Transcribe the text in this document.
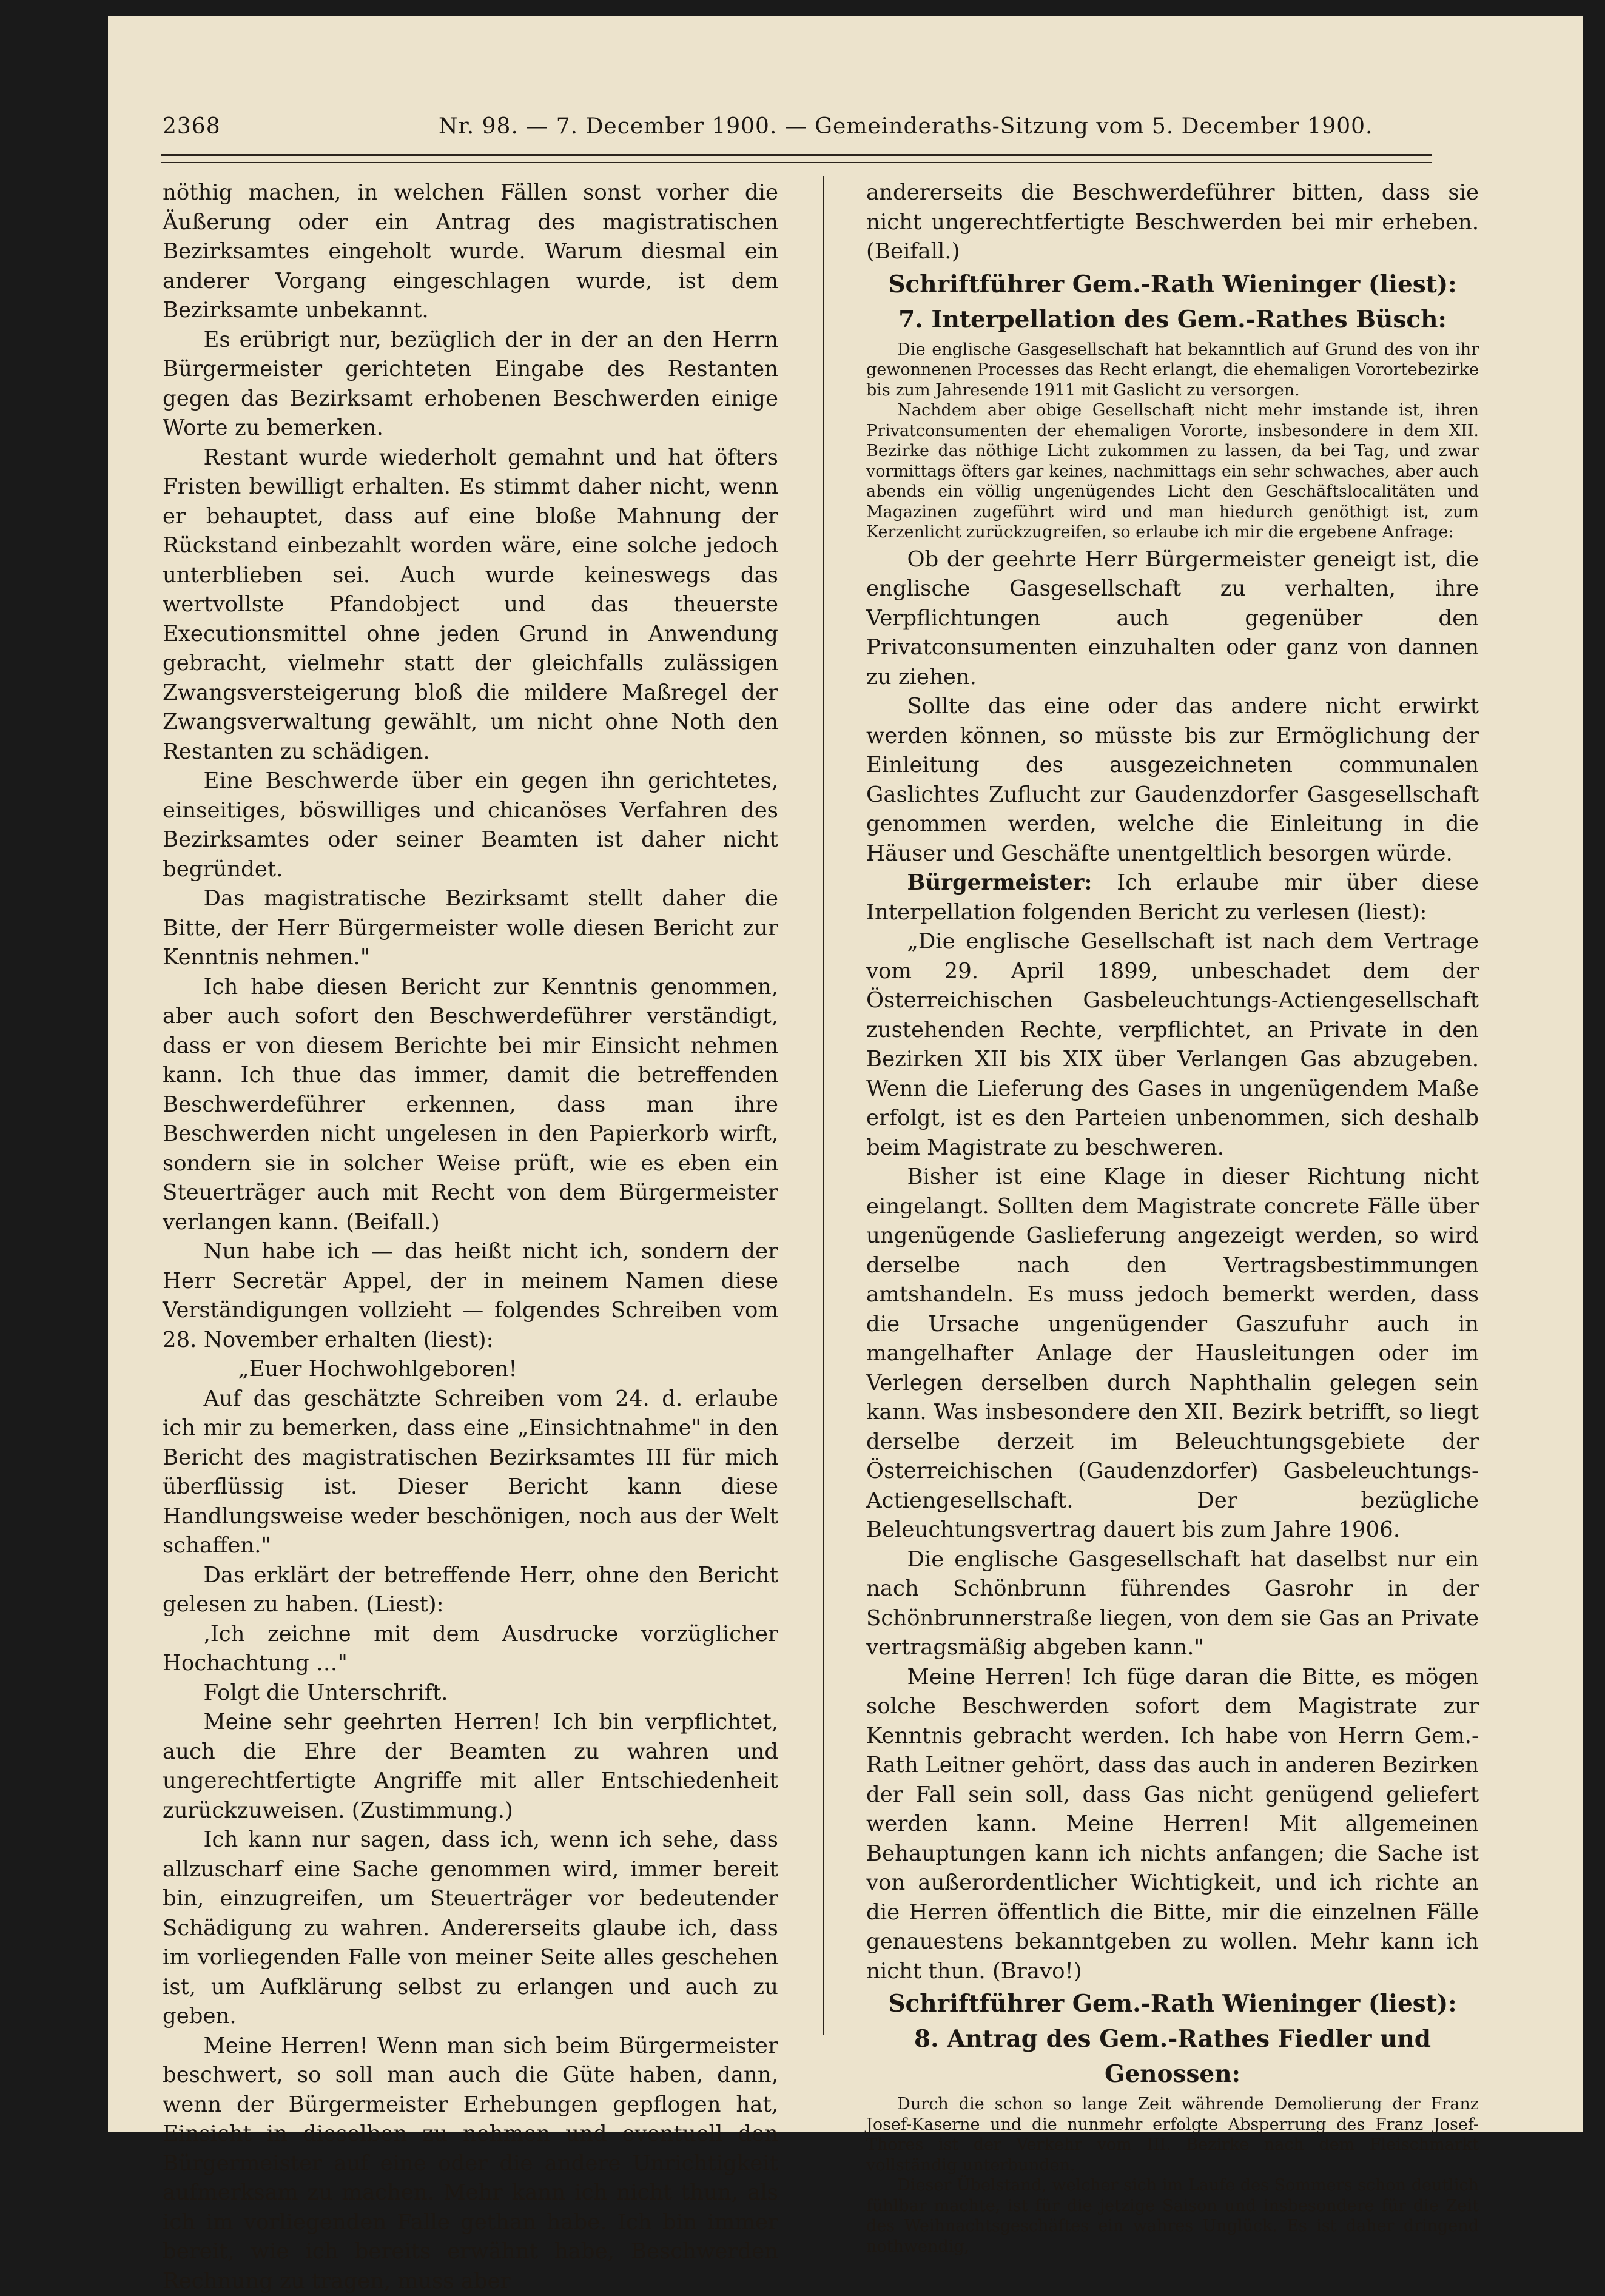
2368	Nr. 98. — 7. December 1900. — Gemeinderaths-Sitzung vom 5. December 1900.

nöthig machen, in welchen Fällen sonst vorher die Äußerung oder ein Antrag des magistratischen Bezirksamtes eingeholt wurde. Warum diesmal ein anderer Vorgang eingeschlagen wurde, ist dem Bezirksamte unbekannt.

Es erübrigt nur, bezüglich der in der an den Herrn Bürgermeister gerichteten Eingabe des Restanten gegen das Bezirksamt erhobenen Beschwerden einige Worte zu bemerken.

Restant wurde wiederholt gemahnt und hat öfters Fristen bewilligt erhalten. Es stimmt daher nicht, wenn er behauptet, dass auf eine bloße Mahnung der Rückstand einbezahlt worden wäre, eine solche jedoch unterblieben sei. Auch wurde keineswegs das wertvollste Pfandobject und das theuerste Executionsmittel ohne jeden Grund in Anwendung gebracht, vielmehr statt der gleichfalls zulässigen Zwangsversteigerung bloß die mildere Maßregel der Zwangsverwaltung gewählt, um nicht ohne Noth den Restanten zu schädigen.

Eine Beschwerde über ein gegen ihn gerichtetes, einseitiges, böswilliges und chicanöses Verfahren des Bezirksamtes oder seiner Beamten ist daher nicht begründet.

Das magistratische Bezirksamt stellt daher die Bitte, der Herr Bürgermeister wolle diesen Bericht zur Kenntnis nehmen."

Ich habe diesen Bericht zur Kenntnis genommen, aber auch sofort den Beschwerdeführer verständigt, dass er von diesem Berichte bei mir Einsicht nehmen kann. Ich thue das immer, damit die betreffenden Beschwerdeführer erkennen, dass man ihre Beschwerden nicht ungelesen in den Papierkorb wirft, sondern sie in solcher Weise prüft, wie es eben ein Steuerträger auch mit Recht von dem Bürgermeister verlangen kann. (Beifall.)

Nun habe ich — das heißt nicht ich, sondern der Herr Secretär Appel, der in meinem Namen diese Verständigungen vollzieht — folgendes Schreiben vom 28. November erhalten (liest):

„Euer Hochwohlgeboren!

Auf das geschätzte Schreiben vom 24. d. erlaube ich mir zu bemerken, dass eine „Einsichtnahme" in den Bericht des magistratischen Bezirksamtes III für mich überflüssig ist. Dieser Bericht kann diese Handlungsweise weder beschönigen, noch aus der Welt schaffen."

Das erklärt der betreffende Herr, ohne den Bericht gelesen zu haben. (Liest):

‚Ich zeichne mit dem Ausdrucke vorzüglicher Hochachtung …"

Folgt die Unterschrift.

Meine sehr geehrten Herren! Ich bin verpflichtet, auch die Ehre der Beamten zu wahren und ungerechtfertigte Angriffe mit aller Entschiedenheit zurückzuweisen. (Zustimmung.)

Ich kann nur sagen, dass ich, wenn ich sehe, dass allzuscharf eine Sache genommen wird, immer bereit bin, einzugreifen, um Steuerträger vor bedeutender Schädigung zu wahren. Andererseits glaube ich, dass im vorliegenden Falle von meiner Seite alles geschehen ist, um Aufklärung selbst zu erlangen und auch zu geben.

Meine Herren! Wenn man sich beim Bürgermeister beschwert, so soll man auch die Güte haben, dann, wenn der Bürgermeister Erhebungen gepflogen hat, Einsicht in dieselben zu nehmen und eventuell den Bürgermeister auf eine oder die andere Unrichtigkeit aufmerksam zu machen. Mehr kann ich nicht thun, als ich im vorliegenden Falle gethan habe. Ich bin immer bereit, wie ich bereits erwähnt habe, Beschwerden Rechnung zu tragen, muss aber

andererseits die Beschwerdeführer bitten, dass sie nicht ungerechtfertigte Beschwerden bei mir erheben. (Beifall.)

Schriftführer Gem.-Rath Wieninger (liest):

7. Interpellation des Gem.-Rathes Büsch:

Die englische Gasgesellschaft hat bekanntlich auf Grund des von ihr gewonnenen Processes das Recht erlangt, die ehemaligen Vorortebezirke bis zum Jahresende 1911 mit Gaslicht zu versorgen.

Nachdem aber obige Gesellschaft nicht mehr imstande ist, ihren Privatconsumenten der ehemaligen Vororte, insbesondere in dem XII. Bezirke das nöthige Licht zukommen zu lassen, da bei Tag, und zwar vormittags öfters gar keines, nachmittags ein sehr schwaches, aber auch abends ein völlig ungenügendes Licht den Geschäftslocalitäten und Magazinen zugeführt wird und man hiedurch genöthigt ist, zum Kerzenlicht zurückzugreifen, so erlaube ich mir die ergebene Anfrage:

Ob der geehrte Herr Bürgermeister geneigt ist, die englische Gasgesellschaft zu verhalten, ihre Verpflichtungen auch gegenüber den Privatconsumenten einzuhalten oder ganz von dannen zu ziehen.

Sollte das eine oder das andere nicht erwirkt werden können, so müsste bis zur Ermöglichung der Einleitung des ausgezeichneten communalen Gaslichtes Zuflucht zur Gaudenzdorfer Gasgesellschaft genommen werden, welche die Einleitung in die Häuser und Geschäfte unentgeltlich besorgen würde.

Bürgermeister: Ich erlaube mir über diese Interpellation folgenden Bericht zu verlesen (liest):

„Die englische Gesellschaft ist nach dem Vertrage vom 29. April 1899, unbeschadet dem der Österreichischen Gasbeleuchtungs-Actiengesellschaft zustehenden Rechte, verpflichtet, an Private in den Bezirken XII bis XIX über Verlangen Gas abzugeben. Wenn die Lieferung des Gases in ungenügendem Maße erfolgt, ist es den Parteien unbenommen, sich deshalb beim Magistrate zu beschweren.

Bisher ist eine Klage in dieser Richtung nicht eingelangt. Sollten dem Magistrate concrete Fälle über ungenügende Gaslieferung angezeigt werden, so wird derselbe nach den Vertragsbestimmungen amtshandeln. Es muss jedoch bemerkt werden, dass die Ursache ungenügender Gaszufuhr auch in mangelhafter Anlage der Hausleitungen oder im Verlegen derselben durch Naphthalin gelegen sein kann. Was insbesondere den XII. Bezirk betrifft, so liegt derselbe derzeit im Beleuchtungsgebiete der Österreichischen (Gaudenzdorfer) Gasbeleuchtungs-Actiengesellschaft. Der bezügliche Beleuchtungsvertrag dauert bis zum Jahre 1906.

Die englische Gasgesellschaft hat daselbst nur ein nach Schönbrunn führendes Gasrohr in der Schönbrunnerstraße liegen, von dem sie Gas an Private vertragsmäßig abgeben kann."

Meine Herren! Ich füge daran die Bitte, es mögen solche Beschwerden sofort dem Magistrate zur Kenntnis gebracht werden. Ich habe von Herrn Gem.-Rath Leitner gehört, dass das auch in anderen Bezirken der Fall sein soll, dass Gas nicht genügend geliefert werden kann. Meine Herren! Mit allgemeinen Behauptungen kann ich nichts anfangen; die Sache ist von außerordentlicher Wichtigkeit, und ich richte an die Herren öffentlich die Bitte, mir die einzelnen Fälle genauestens bekanntgeben zu wollen. Mehr kann ich nicht thun. (Bravo!)

Schriftführer Gem.-Rath Wieninger (liest):

8. Antrag des Gem.-Rathes Fiedler und Genossen:

Durch die schon so lange Zeit währende Demolierung der Franz Josef-Kaserne und die nunmehr erfolgte Absperrung des Franz Josef-Thores ist der Verkehr vom III. Bezirke nach dem Fleischmarkt vollständig unterbunden.

Dieser Übelstand, welcher sich im Laufe des Sommers schon deutlich fühlbar machte, ist für die jetzige Saison und insbesondere für die Zeit des Weihnachtsgeschäftes ein wahres Unglück. Es ist daher dringend nothwendig,
